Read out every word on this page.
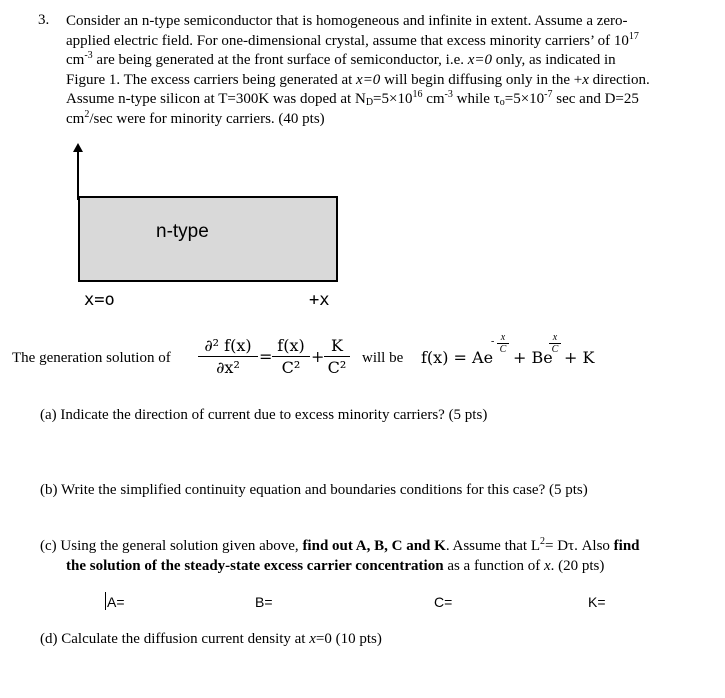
3. Consider an n-type semiconductor that is homogeneous and infinite in extent. Assume a zero-
applied electric field. For one-dimensional crystal, assume that excess minority carriers’ of $10^{17}$
$cm^{-3}$ are being generated at the front surface of semiconductor, i.e. x=0 only, as indicated in
Figure 1. The excess carriers being generated at x=0 will begin diffusing only in the +x direction.
Assume n-type silicon at T=300K was doped at $N_D=5\times 10^{16}$ $cm^{-3}$ while $\tau_o=5\times 10^{-7}$ sec and D=25
$cm^2/\sec$ were for minority carriers. (40 pts)
n-type
x=o	+x
The generation solution of
∂² f(x)
∂x²
=
f(x)
C²
+
K
C² will be f(x) = Ae
x
C
-
+ Be
x
C + K
(a) Indicate the direction of current due to excess minority carriers? (5 pts)
(b) Write the simplified continuity equation and boundaries conditions for this case? (5 pts)
(c) Using the general solution given above, find out A, B, C and K. Assume that $L^2= D\tau$. Also find
the solution of the steady-state excess carrier concentration as a function of x. (20 pts)
A=	B=	C=	K=
(d) Calculate the diffusion current density at x=0 (10 pts)
